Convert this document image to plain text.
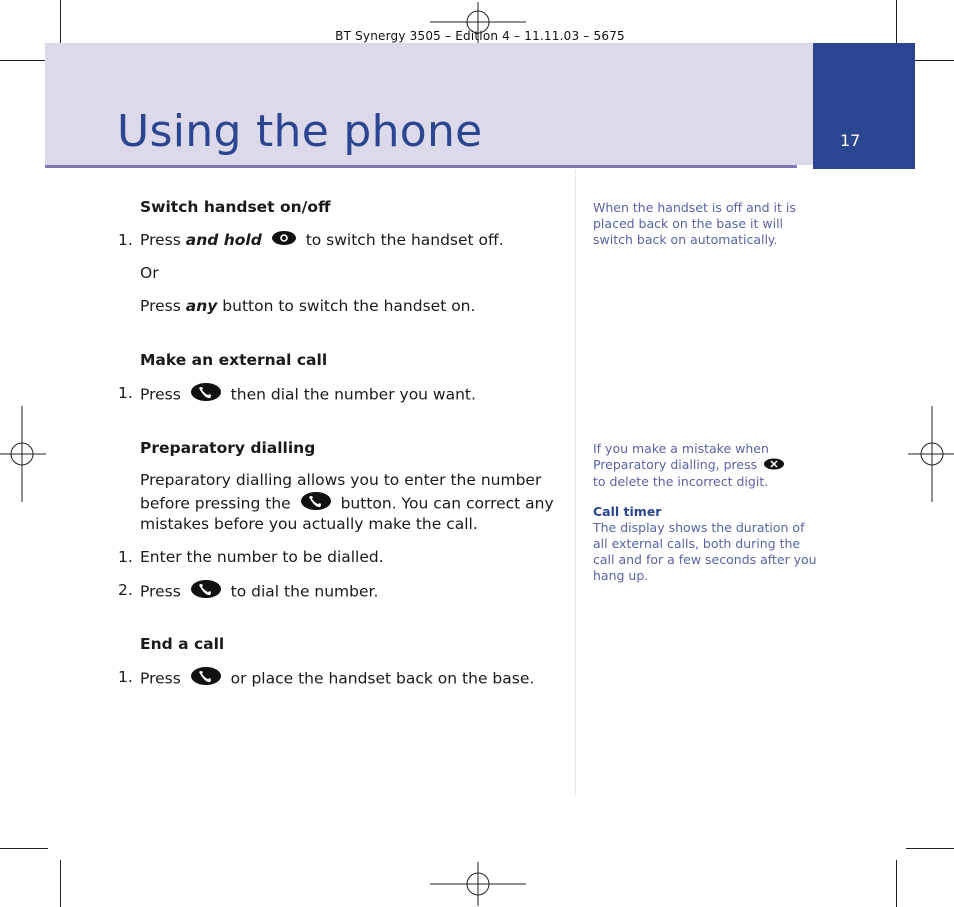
17
BT Synergy 3505 – Edition 4 – 11.11.03 – 5675
Using the phone
Switch handset on/off
1. Press and hold	to switch the handset off.
Or
Press any button to switch the handset on.
Make an external call
1. Press	then dial the number you want.
Preparatory dialling
Preparatory dialling allows you to enter the number
before pressing the	button. You can correct any
mistakes before you actually make the call.
1. Enter the number to be dialled.
2. Press	to dial the number.
End a call
1. Press	or place the handset back on the base.
When the handset is off and it is
placed back on the base it will
switch back on automatically.
If you make a mistake when
Preparatory dialling, press
to delete the incorrect digit.
Call timer
The display shows the duration of
all external calls, both during the
call and for a few seconds after you
hang up.
